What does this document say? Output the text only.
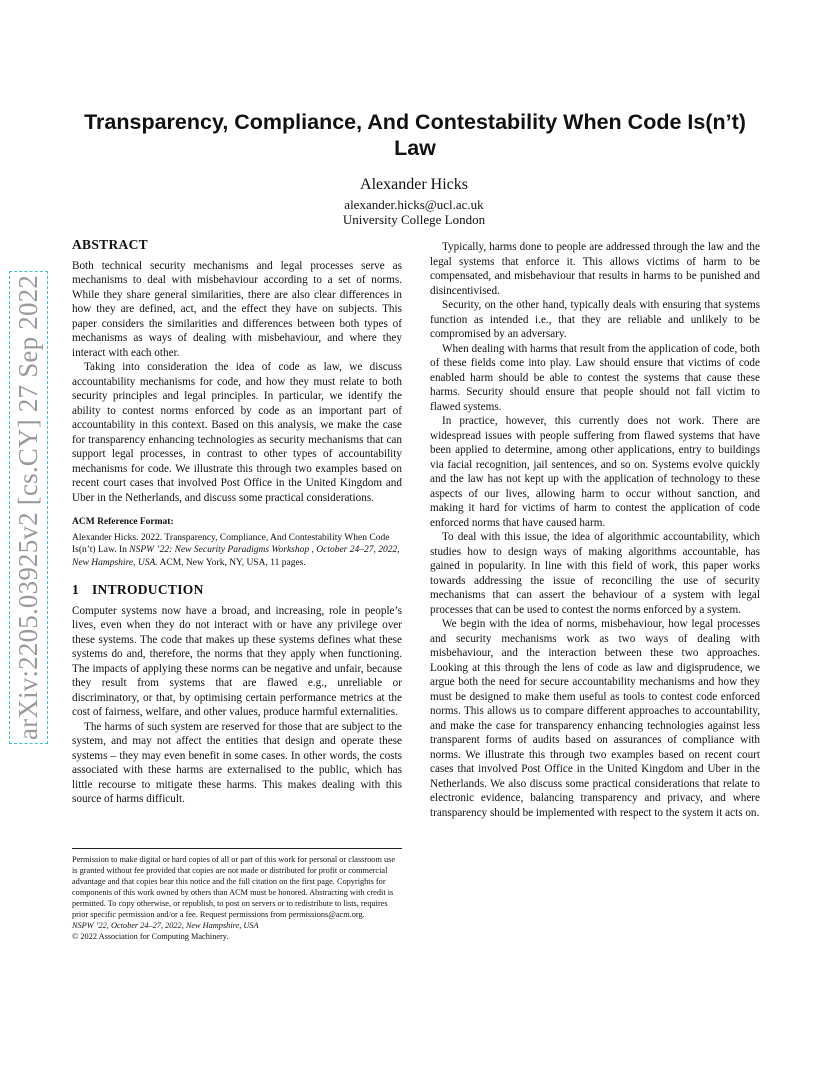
arXiv:2205.03925v2 [cs.CY] 27 Sep 2022
Transparency, Compliance, And Contestability When Code Is(n’t) Law
Alexander Hicks
alexander.hicks@ucl.ac.uk
University College London
ABSTRACT

Both technical security mechanisms and legal processes serve as mechanisms to deal with misbehaviour according to a set of norms. While they share general similarities, there are also clear differences in how they are defined, act, and the effect they have on subjects. This paper considers the similarities and differences between both types of mechanisms as ways of dealing with misbehaviour, and where they interact with each other.

Taking into consideration the idea of code as law, we discuss accountability mechanisms for code, and how they must relate to both security principles and legal principles. In particular, we identify the ability to contest norms enforced by code as an important part of accountability in this context. Based on this analysis, we make the case for transparency enhancing technologies as security mechanisms that can support legal processes, in contrast to other types of accountability mechanisms for code. We illustrate this through two examples based on recent court cases that involved Post Office in the United Kingdom and Uber in the Netherlands, and discuss some practical considerations.

ACM Reference Format:
Alexander Hicks. 2022. Transparency, Compliance, And Contestability When Code Is(n’t) Law. In NSPW ’22: New Security Paradigms Workshop , October 24–27, 2022, New Hampshire, USA. ACM, New York, NY, USA, 11 pages.
1 INTRODUCTION

Computer systems now have a broad, and increasing, role in people’s lives, even when they do not interact with or have any privilege over these systems. The code that makes up these systems defines what these systems do and, therefore, the norms that they apply when functioning. The impacts of applying these norms can be negative and unfair, because they result from systems that are flawed e.g., unreliable or discriminatory, or that, by optimising certain performance metrics at the cost of fairness, welfare, and other values, produce harmful externalities.

The harms of such system are reserved for those that are subject to the system, and may not affect the entities that design and operate these systems – they may even benefit in some cases. In other words, the costs associated with these harms are externalised to the public, which has little recourse to mitigate these harms. This makes dealing with this source of harms difficult.

Typically, harms done to people are addressed through the law and the legal systems that enforce it. This allows victims of harm to be compensated, and misbehaviour that results in harms to be punished and disincentivised.

Security, on the other hand, typically deals with ensuring that systems function as intended i.e., that they are reliable and unlikely to be compromised by an adversary.

When dealing with harms that result from the application of code, both of these fields come into play. Law should ensure that victims of code enabled harm should be able to contest the systems that cause these harms. Security should ensure that people should not fall victim to flawed systems.

In practice, however, this currently does not work. There are widespread issues with people suffering from flawed systems that have been applied to determine, among other applications, entry to buildings via facial recognition, jail sentences, and so on. Systems evolve quickly and the law has not kept up with the application of technology to these aspects of our lives, allowing harm to occur without sanction, and making it hard for victims of harm to contest the application of code enforced norms that have caused harm.

To deal with this issue, the idea of algorithmic accountability, which studies how to design ways of making algorithms accountable, has gained in popularity. In line with this field of work, this paper works towards addressing the issue of reconciling the use of security mechanisms that can assert the behaviour of a system with legal processes that can be used to contest the norms enforced by a system.

We begin with the idea of norms, misbehaviour, how legal processes and security mechanisms work as two ways of dealing with misbehaviour, and the interaction between these two approaches. Looking at this through the lens of code as law and digisprudence, we argue both the need for secure accountability mechanisms and how they must be designed to make them useful as tools to contest code enforced norms. This allows us to compare different approaches to accountability, and make the case for transparency enhancing technologies against less transparent forms of audits based on assurances of compliance with norms. We illustrate this through two examples based on recent court cases that involved Post Office in the United Kingdom and Uber in the Netherlands. We also discuss some practical considerations that relate to electronic evidence, balancing transparency and privacy, and where transparency should be implemented with respect to the system it acts on.

Permission to make digital or hard copies of all or part of this work for personal or classroom use is granted without fee provided that copies are not made or distributed for profit or commercial advantage and that copies bear this notice and the full citation on the first page. Copyrights for components of this work owned by others than ACM must be honored. Abstracting with credit is permitted. To copy otherwise, or republish, to post on servers or to redistribute to lists, requires prior specific permission and/or a fee. Request permissions from permissions@acm.org.
NSPW ’22, October 24–27, 2022, New Hampshire, USA
© 2022 Association for Computing Machinery.
